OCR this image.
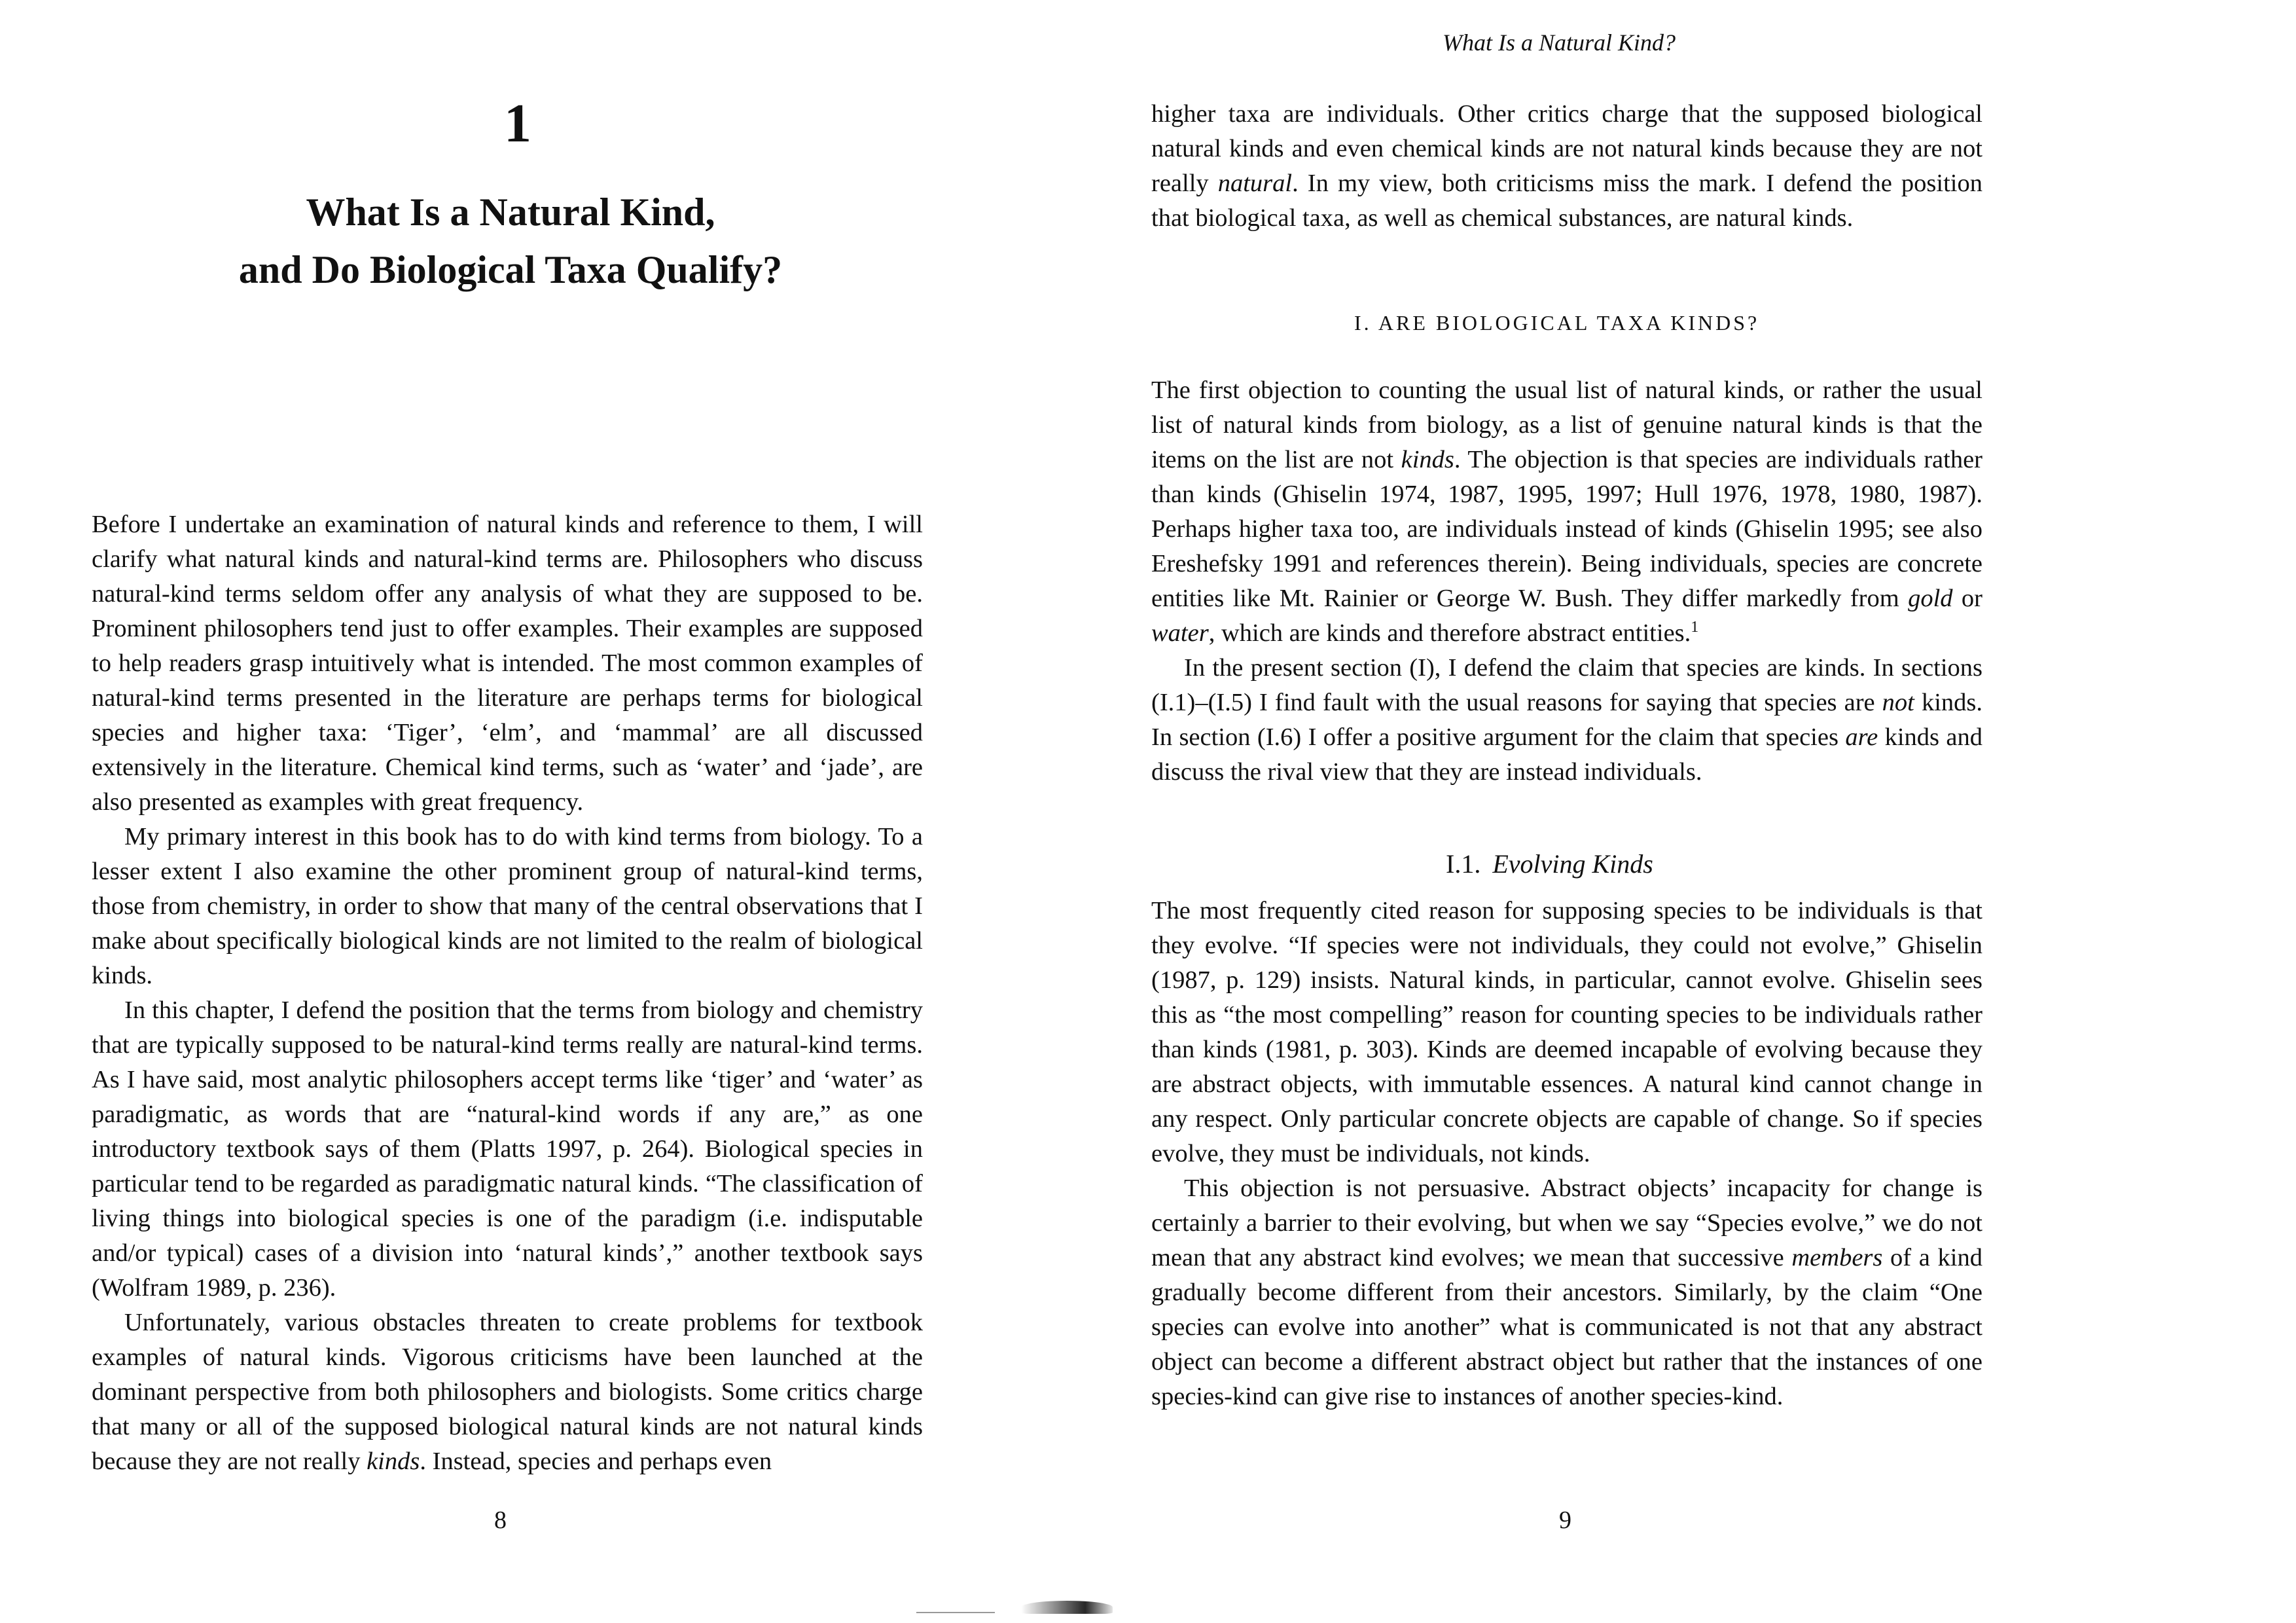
1
What Is a Natural Kind,
and Do Biological Taxa Qualify?

Before I undertake an examination of natural kinds and reference to them, I will clarify what natural kinds and natural-kind terms are. Philosophers who discuss natural-kind terms seldom offer any analysis of what they are supposed to be. Prominent philosophers tend just to offer examples. Their examples are supposed to help readers grasp intuitively what is intended. The most common examples of natural-kind terms presented in the literature are perhaps terms for biological species and higher taxa: ‘Tiger’, ‘elm’, and ‘mammal’ are all discussed extensively in the literature. Chemical kind terms, such as ‘water’ and ‘jade’, are also presented as examples with great frequency.

My primary interest in this book has to do with kind terms from biology. To a lesser extent I also examine the other prominent group of natural-kind terms, those from chemistry, in order to show that many of the central observations that I make about specifically biological kinds are not limited to the realm of biological kinds.

In this chapter, I defend the position that the terms from biology and chemistry that are typically supposed to be natural-kind terms really are natural-kind terms. As I have said, most analytic philosophers accept terms like ‘tiger’ and ‘water’ as paradigmatic, as words that are “natural-kind words if any are,” as one introductory textbook says of them (Platts 1997, p. 264). Biological species in particular tend to be regarded as paradigmatic natural kinds. “The classification of living things into biological species is one of the paradigm (i.e. indisputable and/or typical) cases of a division into ‘natural kinds’,” another textbook says (Wolfram 1989, p. 236).

Unfortunately, various obstacles threaten to create problems for textbook examples of natural kinds. Vigorous criticisms have been launched at the dominant perspective from both philosophers and biologists. Some critics charge that many or all of the supposed biological natural kinds are not natural kinds because they are not really kinds. Instead, species and perhaps even

8
What Is a Natural Kind?

higher taxa are individuals. Other critics charge that the supposed biological natural kinds and even chemical kinds are not natural kinds because they are not really natural. In my view, both criticisms miss the mark. I defend the position that biological taxa, as well as chemical substances, are natural kinds.

I. ARE BIOLOGICAL TAXA KINDS?

The first objection to counting the usual list of natural kinds, or rather the usual list of natural kinds from biology, as a list of genuine natural kinds is that the items on the list are not kinds. The objection is that species are individuals rather than kinds (Ghiselin 1974, 1987, 1995, 1997; Hull 1976, 1978, 1980, 1987). Perhaps higher taxa too, are individuals instead of kinds (Ghiselin 1995; see also Ereshefsky 1991 and references therein). Being individuals, species are concrete entities like Mt. Rainier or George W. Bush. They differ markedly from gold or water, which are kinds and therefore abstract entities.$^1$

In the present section (I), I defend the claim that species are kinds. In sections (I.1)–(I.5) I find fault with the usual reasons for saying that species are not kinds. In section (I.6) I offer a positive argument for the claim that species are kinds and discuss the rival view that they are instead individuals.

I.1. Evolving Kinds

The most frequently cited reason for supposing species to be individuals is that they evolve. “If species were not individuals, they could not evolve,” Ghiselin (1987, p. 129) insists. Natural kinds, in particular, cannot evolve. Ghiselin sees this as “the most compelling” reason for counting species to be individuals rather than kinds (1981, p. 303). Kinds are deemed incapable of evolving because they are abstract objects, with immutable essences. A natural kind cannot change in any respect. Only particular concrete objects are capable of change. So if species evolve, they must be individuals, not kinds.

This objection is not persuasive. Abstract objects’ incapacity for change is certainly a barrier to their evolving, but when we say “Species evolve,” we do not mean that any abstract kind evolves; we mean that successive members of a kind gradually become different from their ancestors. Similarly, by the claim “One species can evolve into another” what is communicated is not that any abstract object can become a different abstract object but rather that the instances of one species-kind can give rise to instances of another species-kind.

9
